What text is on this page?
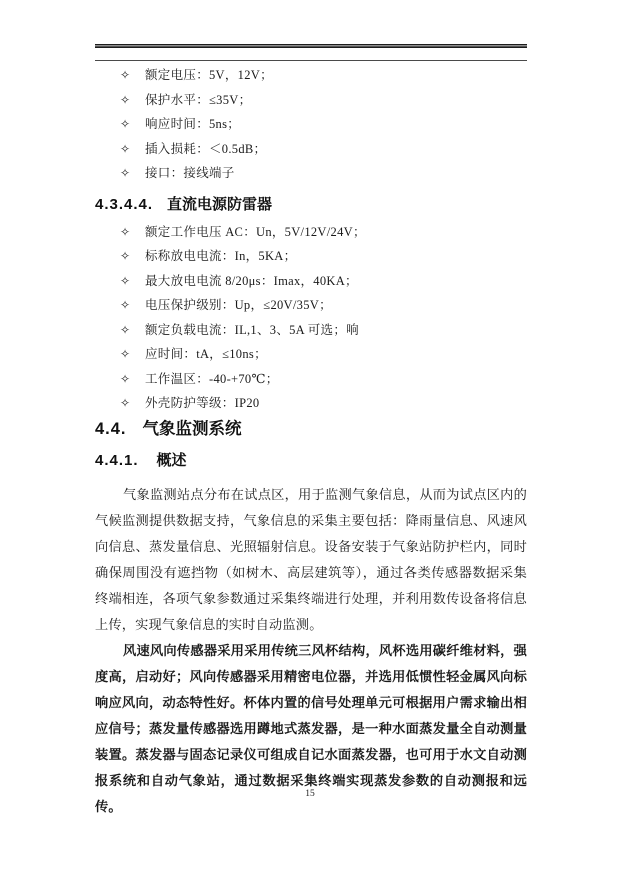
✧	额定电压：5V，12V；
✧	保护水平：≤35V；
✧	响应时间：5ns；
✧	插入损耗：＜0.5dB；
✧	接口：接线端子
4.3.4.4. 直流电源防雷器
✧	额定工作电压 AC：Un，5V/12V/24V；
✧	标称放电电流：In，5KA；
✧	最大放电电流 8/20μs：Imax，40KA；
✧	电压保护级别：Up，≤20V/35V；
✧	额定负载电流：IL,1、3、5A 可选；响
✧	应时间：tA，≤10ns；
✧	工作温区：-40-+70℃；
✧	外壳防护等级：IP20
4.4. 气象监测系统
4.4.1. 概述

气象监测站点分布在试点区，用于监测气象信息，从而为试点区内的气候监测提供数据支持，气象信息的采集主要包括：降雨量信息、风速风向信息、蒸发量信息、光照辐射信息。设备安装于气象站防护栏内，同时确保周围没有遮挡物（如树木、高层建筑等），通过各类传感器数据采集终端相连，各项气象参数通过采集终端进行处理，并利用数传设备将信息上传，实现气象信息的实时自动监测。

风速风向传感器采用采用传统三风杯结构，风杯选用碳纤维材料，强度高，启动好；风向传感器采用精密电位器，并选用低惯性轻金属风向标响应风向，动态特性好。杯体内置的信号处理单元可根据用户需求输出相应信号；蒸发量传感器选用蹲地式蒸发器，是一种水面蒸发量全自动测量装置。蒸发器与固态记录仪可组成自记水面蒸发器，也可用于水文自动测报系统和自动气象站，通过数据采集终端实现蒸发参数的自动测报和远传。

15
